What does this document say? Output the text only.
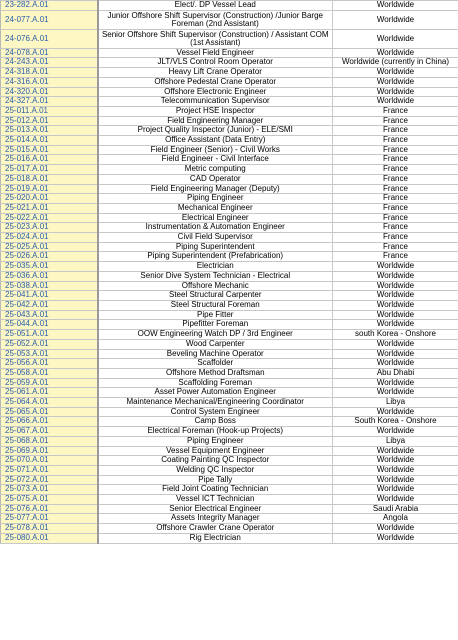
23-282.A.01	Elect/. DP Vessel Lead	Worldwide
24-077.A.01	Junior Offshore Shift Supervisor (Construction) /Junior Barge Foreman (2nd Assistant)	Worldwide
24-076.A.01	Senior Offshore Shift Supervisor (Construction) / Assistant COM (1st Assistant)	Worldwide
24-078.A.01	Vessel Field Engineer	Worldwide
24-243.A.01	JLT/VLS Control Room Operator	Worldwide (currently in China)
24-318.A.01	Heavy Lift Crane Operator	Worldwide
24-316.A.01	Offshore Pedestal Crane Operator	Worldwide
24-320.A.01	Offshore Electronic Engineer	Worldwide
24-327.A.01	Telecommunication Supervisor	Worldwide
25-011.A.01	Project HSE Inspector	France
25-012.A.01	Field Engineering Manager	France
25-013.A.01	Project Quality Inspector (Junior) - ELE/SMI	France
25-014.A.01	Office Assistant (Data Entry)	France
25-015.A.01	Field Engineer (Senior) - Civil Works	France
25-016.A.01	Field Engineer - Civil Interface	France
25-017.A.01	Metric computing	France
25-018.A.01	CAD Operator	France
25-019.A.01	Field Engineering Manager (Deputy)	France
25-020.A.01	Piping Engineer	France
25-021.A.01	Mechanical Engineer	France
25-022.A.01	Electrical Engineer	France
25-023.A.01	Instrumentation & Automation Engineer	France
25-024.A.01	Civil Field Supervisor	France
25-025.A.01	Piping Superintendent	France
25-026.A.01	Piping Superintendent (Prefabrication)	France
25-035.A.01	Electrician	Worldwide
25-036.A.01	Senior Dive System Technician - Electrical	Worldwide
25-038.A.01	Offshore Mechanic	Worldwide
25-041.A.01	Steel Structural Carpenter	Worldwide
25-042.A.01	Steel Structural Foreman	Worldwide
25-043.A.01	Pipe Fitter	Worldwide
25-044.A.01	Pipefitter Foreman	Worldwide
25-051.A.01	OOW Engineering Watch DP / 3rd Engineer	south Korea - Onshore
25-052.A.01	Wood Carpenter	Worldwide
25-053.A.01	Beveling Machine Operator	Worldwide
25-056.A.01	Scaffolder	Worldwide
25-058.A.01	Offshore Method Draftsman	Abu Dhabi
25-059.A.01	Scaffolding Foreman	Worldwide
25-061.A.01	Asset Power Automation Engineer	Worldwide
25-064.A.01	Maintenance Mechanical/Engineering Coordinator	Libya
25-065.A.01	Control System Engineer	Worldwide
25-066.A.01	Camp Boss	South Korea - Onshore
25-067.A.01	Electrical Foreman (Hook-up Projects)	Worldwide
25-068.A.01	Piping Engineer	Libya
25-069.A.01	Vessel Equipment Engineer	Worldwide
25-070.A.01	Coating Painting QC Inspector	Worldwide
25-071.A.01	Welding QC Inspector	Worldwide
25-072.A.01	Pipe Tally	Worldwide
25-073.A.01	Field Joint Coating Technician	Worldwide
25-075.A.01	Vessel ICT Technician	Worldwide
25-076.A.01	Senior Electrical Engineer	Saudi Arabia
25-077.A.01	Assets Integrity Manager	Angola
25-078.A.01	Offshore Crawler Crane Operator	Worldwide
25-080.A.01	Rig Electrician	Worldwide
